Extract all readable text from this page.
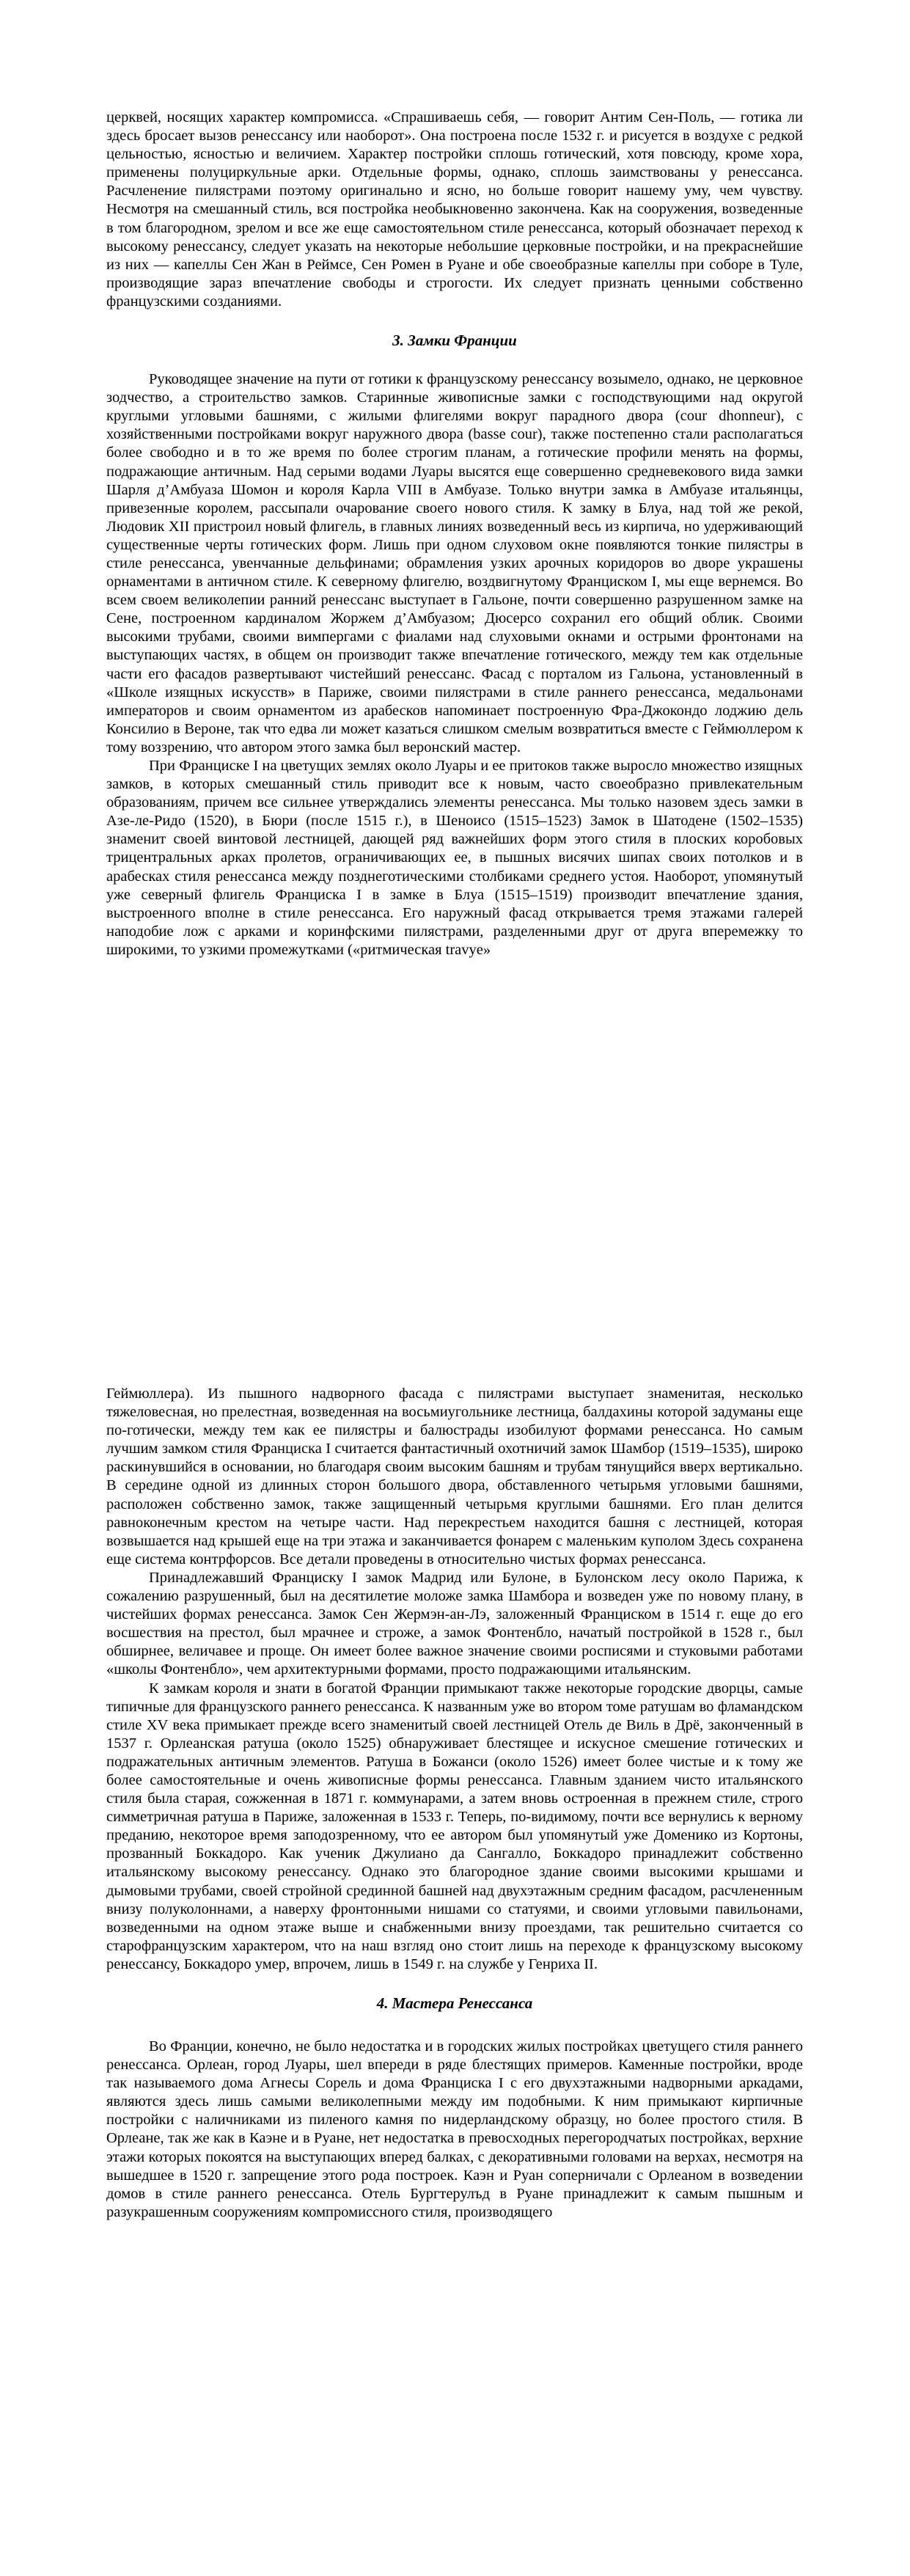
церквей, носящих характер компромисса. «Спрашиваешь себя, — говорит Антим Сен-Поль, — готика ли здесь бросает вызов ренессансу или наоборот». Она построена после 1532 г. и рисуется в воздухе с редкой цельностью, ясностью и величием. Характер постройки сплошь готический, хотя повсюду, кроме хора, применены полуциркульные арки. Отдельные формы, однако, сплошь заимствованы у ренессанса. Расчленение пилястрами поэтому оригинально и ясно, но больше говорит нашему уму, чем чувству. Несмотря на смешанный стиль, вся постройка необыкновенно закончена. Как на сооружения, возведенные в том благородном, зрелом и все же еще самостоятельном стиле ренессанса, который обозначает переход к высокому ренессансу, следует указать на некоторые небольшие церковные постройки, и на прекраснейшие из них — капеллы Сен Жан в Реймсе, Сен Ромен в Руане и обе своеобразные капеллы при соборе в Туле, производящие зараз впечатление свободы и строгости. Их следует признать ценными собственно французскими созданиями.

3. Замки Франции

Руководящее значение на пути от готики к французскому ренессансу возымело, однако, не церковное зодчество, а строительство замков. Старинные живописные замки с господствующими над округой круглыми угловыми башнями, с жилыми флигелями вокруг парадного двора (cour dhonneur), с хозяйственными постройками вокруг наружного двора (basse cour), также постепенно стали располагаться более свободно и в то же время по более строгим планам, а готические профили менять на формы, подражающие античным. Над серыми водами Луары высятся еще совершенно средневекового вида замки Шарля д’Амбуаза Шомон и короля Карла VIII в Амбуазе. Только внутри замка в Амбуазе итальянцы, привезенные королем, рассыпали очарование своего нового стиля. К замку в Блуа, над той же рекой, Людовик XII пристроил новый флигель, в главных линиях возведенный весь из кирпича, но удерживающий существенные черты готических форм. Лишь при одном слуховом окне появляются тонкие пилястры в стиле ренессанса, увенчанные дельфинами; обрамления узких арочных коридоров во дворе украшены орнаментами в античном стиле. К северному флигелю, воздвигнутому Франциском I, мы еще вернемся. Во всем своем великолепии ранний ренессанс выступает в Гальоне, почти совершенно разрушенном замке на Сене, построенном кардиналом Жоржем д’Амбуазом; Дюсерсо сохранил его общий облик. Своими высокими трубами, своими вимпергами с фиалами над слуховыми окнами и острыми фронтонами на выступающих частях, в общем он производит также впечатление готического, между тем как отдельные части его фасадов развертывают чистейший ренессанс. Фасад с порталом из Гальона, установленный в «Школе изящных искусств» в Париже, своими пилястрами в стиле раннего ренессанса, медальонами императоров и своим орнаментом из арабесков напоминает построенную Фра-Джокондо лоджию дель Консилио в Вероне, так что едва ли может казаться слишком смелым возвратиться вместе с Геймюллером к тому воззрению, что автором этого замка был веронский мастер.

При Франциске I на цветущих землях около Луары и ее притоков также выросло множество изящных замков, в которых смешанный стиль приводит все к новым, часто своеобразно привлекательным образованиям, причем все сильнее утверждались элементы ренессанса. Мы только назовем здесь замки в Азе-ле-Ридо (1520), в Бюри (после 1515 г.), в Шеноисо (1515–1523) Замок в Шатодене (1502–1535) знаменит своей винтовой лестницей, дающей ряд важнейших форм этого стиля в плоских коробовых трицентральных арках пролетов, ограничивающих ее, в пышных висячих шипах своих потолков и в арабесках стиля ренессанса между позднеготическими столбиками среднего устоя. Наоборот, упомянутый уже северный флигель Франциска I в замке в Блуа (1515–1519) производит впечатление здания, выстроенного вполне в стиле ренессанса. Его наружный фасад открывается тремя этажами галерей наподобие лож с арками и коринфскими пилястрами, разделенными друг от друга вперемежку то широкими, то узкими промежутками («ритмическая travye»

Геймюллера). Из пышного надворного фасада с пилястрами выступает знаменитая, несколько тяжеловесная, но прелестная, возведенная на восьмиугольнике лестница, балдахины которой задуманы еще по-готически, между тем как ее пилястры и балюстрады изобилуют формами ренессанса. Но самым лучшим замком стиля Франциска I считается фантастичный охотничий замок Шамбор (1519–1535), широко раскинувшийся в основании, но благодаря своим высоким башням и трубам тянущийся вверх вертикально. В середине одной из длинных сторон большого двора, обставленного четырьмя угловыми башнями, расположен собственно замок, также защищенный четырьмя круглыми башнями. Его план делится равноконечным крестом на четыре части. Над перекрестьем находится башня с лестницей, которая возвышается над крышей еще на три этажа и заканчивается фонарем с маленьким куполом Здесь сохранена еще система контрфорсов. Все детали проведены в относительно чистых формах ренессанса.

Принадлежавший Франциску I замок Мадрид или Булоне, в Булонском лесу около Парижа, к сожалению разрушенный, был на десятилетие моложе замка Шамбора и возведен уже по новому плану, в чистейших формах ренессанса. Замок Сен Жермэн-ан-Лэ, заложенный Франциском в 1514 г. еще до его восшествия на престол, был мрачнее и строже, а замок Фонтенбло, начатый постройкой в 1528 г., был обширнее, величавее и проще. Он имеет более важное значение своими росписями и стуковыми работами «школы Фонтенбло», чем архитектурными формами, просто подражающими итальянским.

К замкам короля и знати в богатой Франции примыкают также некоторые городские дворцы, самые типичные для французского раннего ренессанса. К названным уже во втором томе ратушам во фламандском стиле XV века примыкает прежде всего знаменитый своей лестницей Отель де Виль в Дрё, законченный в 1537 г. Орлеанская ратуша (около 1525) обнаруживает блестящее и искусное смешение готических и подражательных античным элементов. Ратуша в Божанси (около 1526) имеет более чистые и к тому же более самостоятельные и очень живописные формы ренессанса. Главным зданием чисто итальянского стиля была старая, сожженная в 1871 г. коммунарами, а затем вновь остроенная в прежнем стиле, строго симметричная ратуша в Париже, заложенная в 1533 г. Теперь, по-видимому, почти все вернулись к верному преданию, некоторое время заподозренному, что ее автором был упомянутый уже Доменико из Кортоны, прозванный Боккадоро. Как ученик Джулиано да Сангалло, Боккадоро принадлежит собственно итальянскому высокому ренессансу. Однако это благородное здание своими высокими крышами и дымовыми трубами, своей стройной срединной башней над двухэтажным средним фасадом, расчлененным внизу полуколоннами, а наверху фронтонными нишами со статуями, и своими угловыми павильонами, возведенными на одном этаже выше и снабженными внизу проездами, так решительно считается со старофранцузским характером, что на наш взгляд оно стоит лишь на переходе к французскому высокому ренессансу, Боккадоро умер, впрочем, лишь в 1549 г. на службе у Генриха II.

4. Мастера Ренессанса

Во Франции, конечно, не было недостатка и в городских жилых постройках цветущего стиля раннего ренессанса. Орлеан, город Луары, шел впереди в ряде блестящих примеров. Каменные постройки, вроде так называемого дома Агнесы Сорель и дома Франциска I с его двухэтажными надворными аркадами, являются здесь лишь самыми великолепными между им подобными. К ним примыкают кирпичные постройки с наличниками из пиленого камня по нидерландскому образцу, но более простого стиля. В Орлеане, так же как в Каэне и в Руане, нет недостатка в превосходных перегородчатых постройках, верхние этажи которых покоятся на выступающих вперед балках, с декоративными головами на верхах, несмотря на вышедшее в 1520 г. запрещение этого рода построек. Каэн и Руан соперничали с Орлеаном в возведении домов в стиле раннего ренессанса. Отель Бургтерулъд в Руане принадлежит к самым пышным и разукрашенным сооружениям компромиссного стиля, производящего
